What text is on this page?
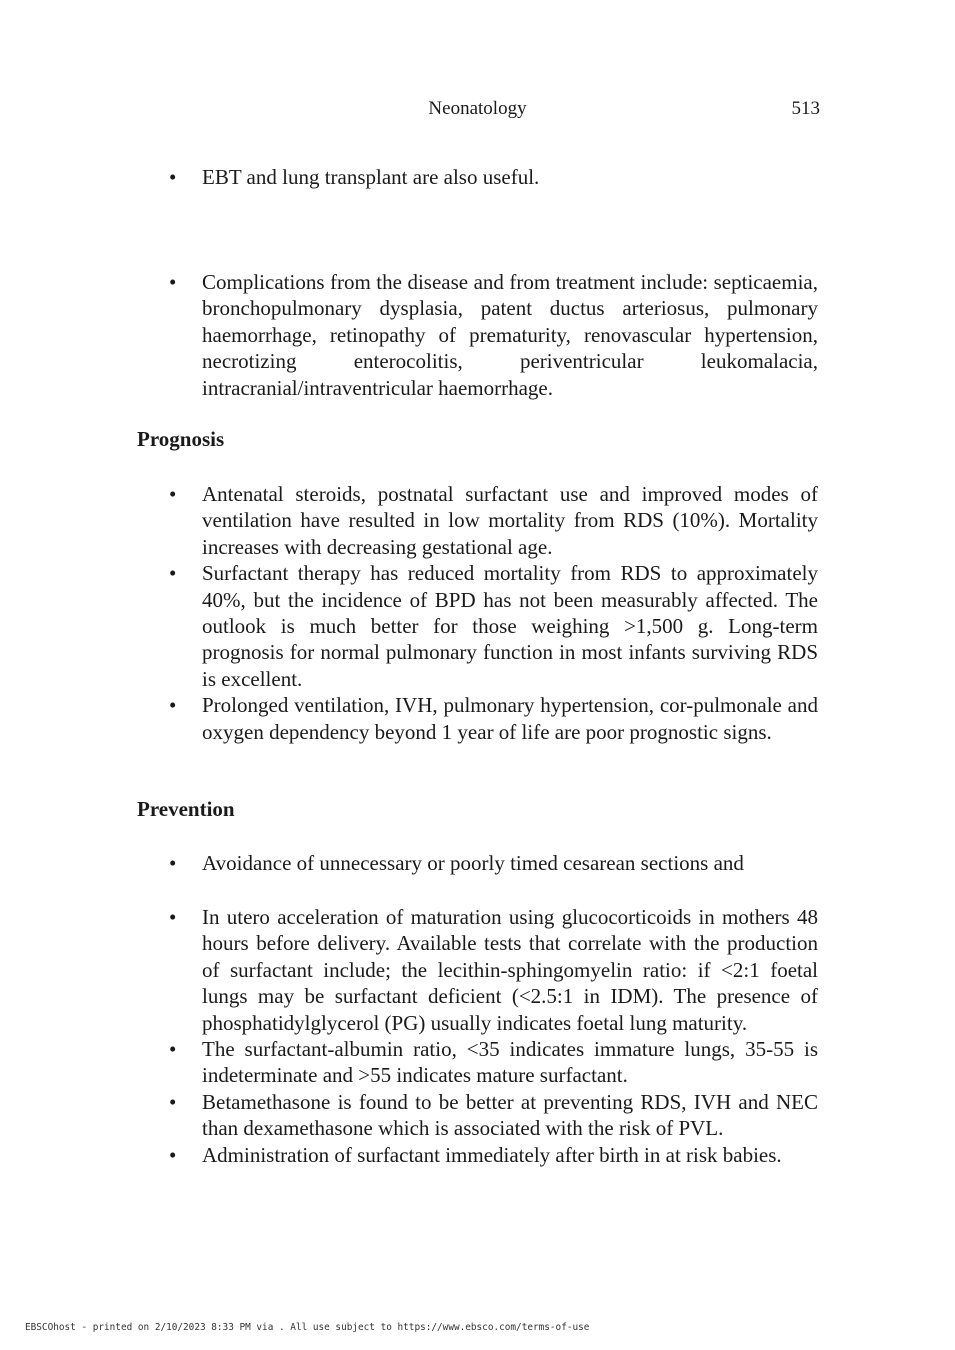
Neonatology	513
• EBT and lung transplant are also useful.
• Complications from the disease and from treatment include: septicaemia, bronchopulmonary dysplasia, patent ductus arteriosus, pulmonary haemorrhage, retinopathy of prematurity, renovascular hypertension, necrotizing enterocolitis, periventricular leukomalacia, intracranial/intraventricular haemorrhage.
Prognosis
• Antenatal steroids, postnatal surfactant use and improved modes of ventilation have resulted in low mortality from RDS (10%). Mortality increases with decreasing gestational age.
• Surfactant therapy has reduced mortality from RDS to approximately 40%, but the incidence of BPD has not been measurably affected. The outlook is much better for those weighing >1,500 g. Long-term prognosis for normal pulmonary function in most infants surviving RDS is excellent.
• Prolonged ventilation, IVH, pulmonary hypertension, cor-pulmonale and oxygen dependency beyond 1 year of life are poor prognostic signs.
Prevention
• Avoidance of unnecessary or poorly timed cesarean sections and
• In utero acceleration of maturation using glucocorticoids in mothers 48 hours before delivery. Available tests that correlate with the production of surfactant include; the lecithin-sphingomyelin ratio: if <2:1 foetal lungs may be surfactant deficient (<2.5:1 in IDM). The presence of phosphatidylglycerol (PG) usually indicates foetal lung maturity.
• The surfactant-albumin ratio, <35 indicates immature lungs, 35-55 is indeterminate and >55 indicates mature surfactant.
• Betamethasone is found to be better at preventing RDS, IVH and NEC than dexamethasone which is associated with the risk of PVL.
• Administration of surfactant immediately after birth in at risk babies.
EBSCOhost - printed on 2/10/2023 8:33 PM via . All use subject to https://www.ebsco.com/terms-of-use
